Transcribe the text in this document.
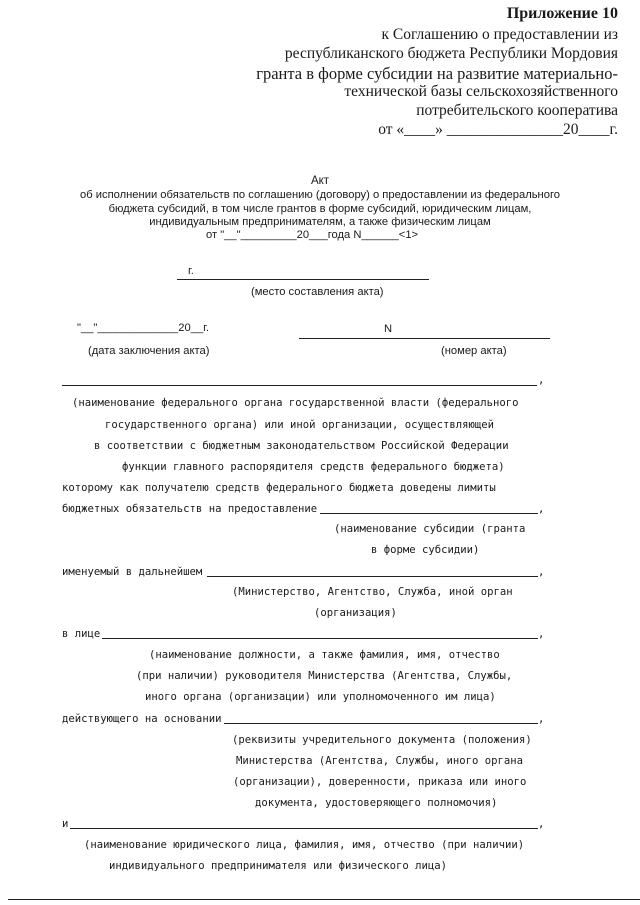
Приложение 10
к Соглашению о предоставлении из
республиканского бюджета Республики Мордовия
гранта в форме субсидии на развитие материально-
технической базы сельскохозяйственного
потребительского кооператива
от «____» _______________20____г.
Акт
об исполнении обязательств по соглашению (договору) о предоставлении из федерального
бюджета субсидий, в том числе грантов в форме субсидий, юридическим лицам,
индивидуальным предпринимателям, а также физическим лицам
от "__"_________20___года N______<1>
г.
(место составления акта)
"__"_____________20__г.	N
(дата заключения акта)	(номер акта)
,
(наименование федерального органа государственной власти (федерального
государственного органа) или иной организации, осуществляющей
в соответствии с бюджетным законодательством Российской Федерации
функции главного распорядителя средств федерального бюджета)
которому как получателю средств федерального бюджета доведены лимиты
бюджетных обязательств на предоставление	,
(наименование субсидии (гранта
в форме субсидии)
именуемый в дальнейшем	,
(Министерство, Агентство, Служба, иной орган
(организация)
в лице	,
(наименование должности, а также фамилия, имя, отчество
(при наличии) руководителя Министерства (Агентства, Службы,
иного органа (организации) или уполномоченного им лица)
действующего на основании	,
(реквизиты учредительного документа (положения)
Министерства (Агентства, Службы, иного органа
(организации), доверенности, приказа или иного
документа, удостоверяющего полномочия)
и	,
(наименование юридического лица, фамилия, имя, отчество (при наличии)
индивидуального предпринимателя или физического лица)
